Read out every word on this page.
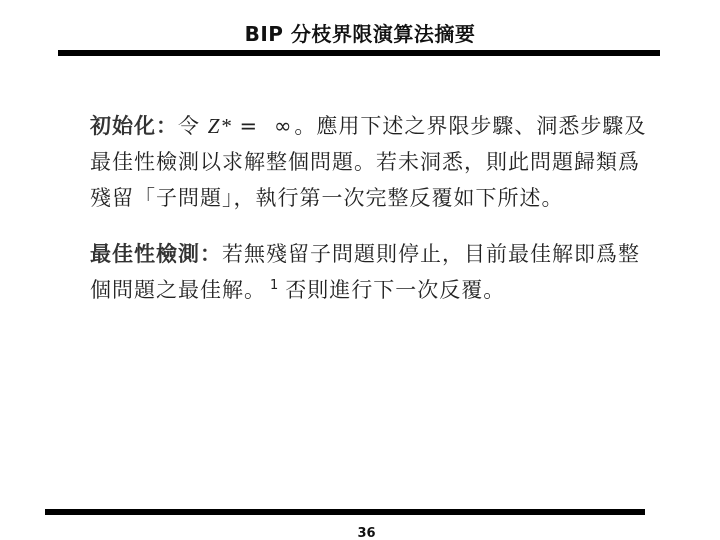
BIP 分枝界限演算法摘要
初始化：令 Z* = ∞。應用下述之界限步驟、洞悉步驟及最佳性檢測以求解整個問題。若未洞悉，則此問題歸類爲殘留「子問題」，執行第一次完整反覆如下所述。
最佳性檢測：若無殘留子問題則停止，目前最佳解即爲整個問題之最佳解。 $^1$ 否則進行下一次反覆。
36
